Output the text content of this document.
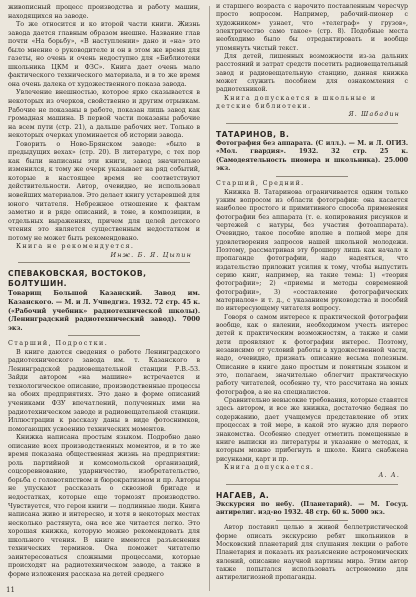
живописный процесс производства и работу машин, находящихся на заводе.

То же относится и ко второй части книги. Жизнь завода дается главным образом внешне. Название глав почти «На борьбу», «В наступлении» дано и «на» это было мнение о руководителе и он в этом же время для газеты, но очень и очень недоступно для «Библиотеки школьника ЦКМ и ФЗС». Книга дает очень мало фактического технического материала, и в то же время она очень далека от художественного показа завода.

Увлечение внешностью, которое ярко сказывается в некоторых из очерков, свойственно и другим отрывкам. Рабочие не показаны в работе, показан лишь завод как громадная машина. В первой части показаны рабочие на всем пути (стр. 21), а дальше рабочих нет. Только в некоторых очерках упоминается об истории завода.

Говорить о Ново-Брянском заводе: «было в предыдущих вехах» (стр. 20). В литературе, с тех пор как были написаны эти книги, завод значительно изменился, к тому же очерк указывает на ряд событий, которые в настоящее время не соответствуют действительности. Автор, очевидно, не использовал новейших материалов. Это делает книгу устаревшей для юного читателя. Небрежное отношение к фактам заметно и в ряде описаний, в тоне, в композиции, в отдельных выражениях, причем для целей детского чтения это является существенным недостатком и потому не может быть рекомендовано.

Книга не рекомендуется.
Инж. Б. Я. Цыпин
СПЕВАКОВСКАЯ, ВОСТОКОВ, БОЛТУШИН.

Товарищ Большой Казанский. Завод им. Казанского. — М. и Л. Учпедгиз. 1932. 72 стр. 45 к. («Рабочий учебник» радиотехнической школы). (Ленинградский радиотехнический завод). 7000 экз.

Старший, Подростки.

В книге даются сведения о работе Ленинградского радиотехнического завода им. т. Казанского в Ленинградской радиовещательной станции Р.В.-53. Зайди автором «на машине» встречается и технологическое описание, производственные процессы на обоих предприятиях. Это дано в форме описаний учениками ФЗУ впечатлений, полученных ими на радиотехническом заводе и радиовещательной станции. Иллюстрации к рассказу даны в виде фотоснимков, помогающих усвоению технических моментов.

Книжка написана простым языком. Подробно дано описание всех производственных моментов, и в то же время показана общественная жизнь на предприятии: роль партийной и комсомольской организаций, соцсоревнование, ударничество, изобретательство, борьба с головотяпством и бюрократизмом и пр. Авторы не упускают рассказать о сквозной бригаде и недостатках, которые еще тормозят производство. Чувствуется, что герои книги — подлинные люди. Книга написана живо и интересно, и хотя в некоторых местах несколько растянута, она все же читается легко. Это хорошая книжка, которую можно рекомендовать для школьного чтения. В книге имеются разъяснения технических терминов. Она поможет читателю заинтересоваться сложными процессами, которые происходят на радиотехническом заводе, а также в форме изложения рассказа на детей среднего

и старшего возраста с нарочито поставленным чересчур просто вопросом. Например, рабочий-пионер с художником» узнает, что «телеграф» у грузов», электричество само такое» (стр. 8). Подобные места необходимо было бы отредактировать и вообще упомянуть чистый текст.

Для детей, лишенных возможности из-за дальних расстояний и затрат средств посетить радиовещательный завод и радиовещательную станцию, данная книжка может служить пособием для ознакомления с радиотехникой.

Книга допускается в школьные и детские библиотеки.
Я. Шабадин
ТАТАРИНОВ, В.

Фотография без аппарата. (С илл.). — М. и Л. ОГИЗ. «Мол. гвардия». 1932. 32 стр. 25 к. (Самодеятельность пионера и школьника). 25.000 экз.

Старший, Средний.

Книжка В. Татаринова ограничивается одним только узким вопросом из области фотографии: она касается наиболее простого и примитивного способа применения фотографии без аппарата (т. е. копирования рисунков и чертежей с натуры, без участия фотоаппарата). Очевидно, такое пособие вполне в полной мере для удовлетворения запросов нашей школьной молодежи. Поэтому, рассматривая эту брошюру лишь как начало к пропаганде фотографии, надо надеяться, что издательство приложит усилия к тому, чтобы выпустить серию книг, например, на такие темы: 1) «теория фотографии»; 2) «приемы и методы современной фотографии», 3) «составление фотографических материалов» и т. д., с указанием руководства и пособий по интересующему читателя вопросу.

Говоря о самом интересе к практической фотографии вообще, как о явлении, необходимом учесть интерес детей к практическим возможностям, а также и сами дети проявляют к фотографии интерес. Поэтому, независимо от условий работы в художественной части, надо, очевидно, признать описание весьма полезным. Описание в книге дано простым и понятным языком и это, полагаем, значительно облегчит практическую работу читателей, особенно ту, что рассчитана на юных фотографов, а не на специалистов.

Сравнительно невысокие требования, которые ставятся здесь автором, и все же книжка, достаточно бедная по содержанию, дает учащемуся представление об этих процессах в той мере, в какой это нужно для первого знакомства. Особенно следует отметить помещенные в книге выписки из литературы и указание о методах, к которым можно прибегнуть в школе. Книга снабжена рисунками, карт и пр.

Книга допускается.
А. А.
НАГАЕВ, А.

Экскурсия по небу. (Планетарий). — М. Госуд. антирелиг. изд-во 1932. 48 стр. 60 к. 5000 экз.

Автор поставил целью в живой беллетристической форме описать экскурсию ребят школьников в Московский планетарий для слушания лекции о работе Планетария и показать их разъяснение астрономических явлений, описание научной картины мира. Этим автор также попытался использовать астрономию для антирелигиозной пропаганды.

11
